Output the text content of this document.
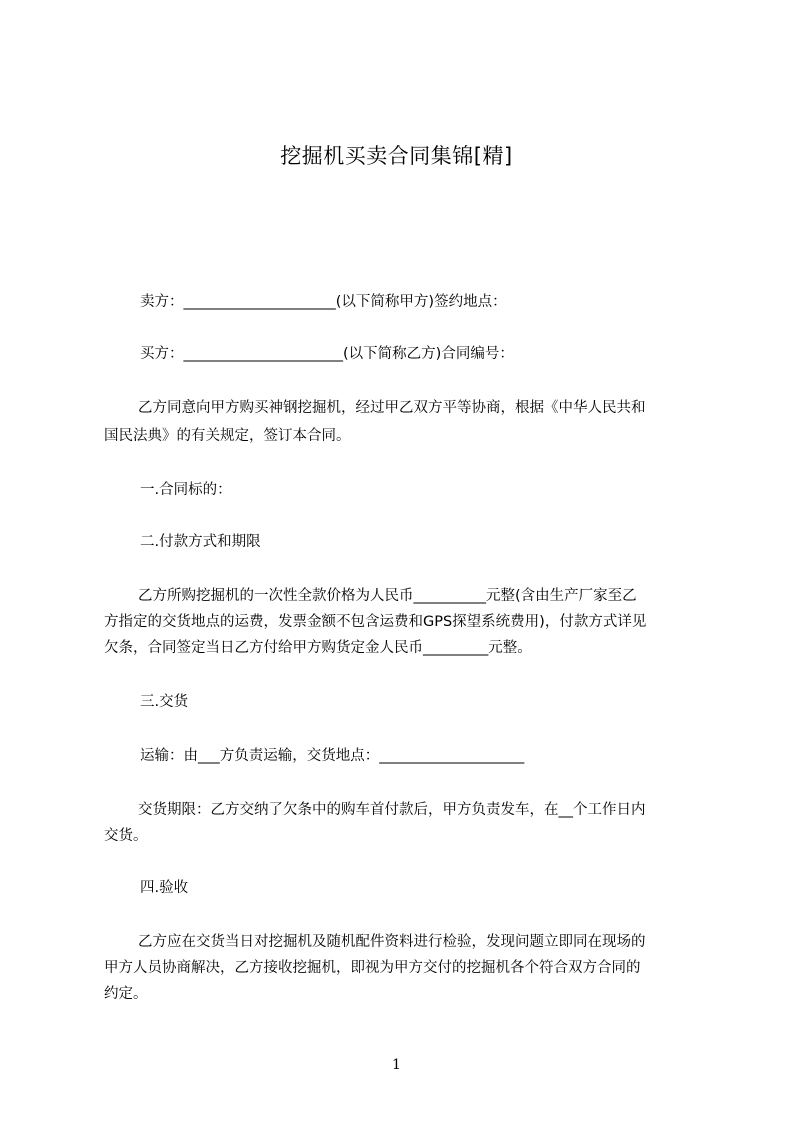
挖掘机买卖合同集锦[精]

卖方：_____________________(以下简称甲方)签约地点：

买方：______________________(以下简称乙方)合同编号：

乙方同意向甲方购买神钢挖掘机，经过甲乙双方平等协商，根据《中华人民共和

国民法典》的有关规定，签订本合同。

一.合同标的：

二.付款方式和期限

乙方所购挖掘机的一次性全款价格为人民币__________元整(含由生产厂家至乙

方指定的交货地点的运费，发票金额不包含运费和GPS探望系统费用)，付款方式详见

欠条，合同签定当日乙方付给甲方购货定金人民币_________元整。

三.交货

运输：由___方负责运输，交货地点：____________________

交货期限：乙方交纳了欠条中的购车首付款后，甲方负责发车，在__个工作日内

交货。

四.验收

乙方应在交货当日对挖掘机及随机配件资料进行检验，发现问题立即同在现场的

甲方人员协商解决，乙方接收挖掘机，即视为甲方交付的挖掘机各个符合双方合同的

约定。

1
